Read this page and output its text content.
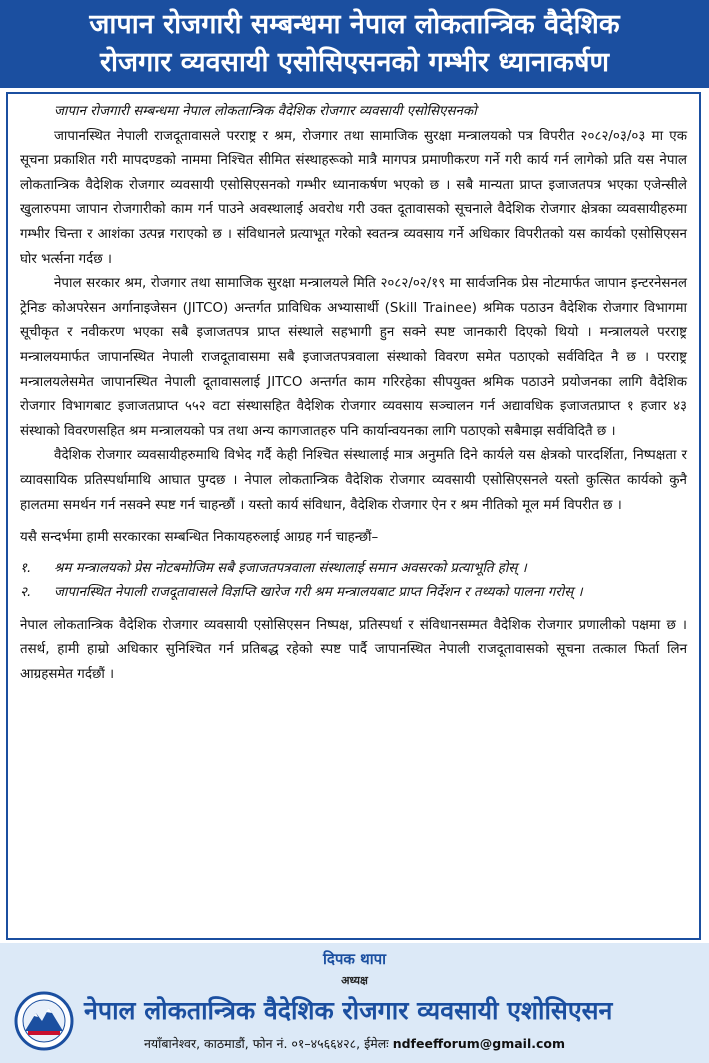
जापान रोजगारी सम्बन्धमा नेपाल लोकतान्त्रिक वैदेशिक
रोजगार व्यवसायी एसोसिएसनको गम्भीर ध्यानाकर्षण

जापान रोजगारी सम्बन्धमा नेपाल लोकतान्त्रिक वैदेशिक रोजगार व्यवसायी एसोसिएसनको

जापानस्थित नेपाली राजदूतावासले परराष्ट्र र श्रम, रोजगार तथा सामाजिक सुरक्षा मन्त्रालयको पत्र विपरीत २०८२/०३/०३ मा एक सूचना प्रकाशित गरी मापदण्डको नाममा निश्चित सीमित संस्थाहरूको मात्रै मागपत्र प्रमाणीकरण गर्ने गरी कार्य गर्न लागेको प्रति यस नेपाल लोकतान्त्रिक वैदेशिक रोजगार व्यवसायी एसोसिएसनको गम्भीर ध्यानाकर्षण भएको छ । सबै मान्यता प्राप्त इजाजतपत्र भएका एजेन्सीले खुलारुपमा जापान रोजगारीको काम गर्न पाउने अवस्थालाई अवरोध गरी उक्त दूतावासको सूचनाले वैदेशिक रोजगार क्षेत्रका व्यवसायीहरुमा गम्भीर चिन्ता र आशंका उत्पन्न गराएको छ । संविधानले प्रत्याभूत गरेको स्वतन्त्र व्यवसाय गर्ने अधिकार विपरीतको यस कार्यको एसोसिएसन घोर भर्त्सना गर्दछ ।

नेपाल सरकार श्रम, रोजगार तथा सामाजिक सुरक्षा मन्त्रालयले मिति २०८२/०२/१९ मा सार्वजनिक प्रेस नोटमार्फत जापान इन्टरनेसनल ट्रेनिङ कोअपरेसन अर्गानाइजेसन (JITCO) अन्तर्गत प्राविधिक अभ्यासार्थी (Skill Trainee) श्रमिक पठाउन वैदेशिक रोजगार विभागमा सूचीकृत र नवीकरण भएका सबै इजाजतपत्र प्राप्त संस्थाले सहभागी हुन सक्ने स्पष्ट जानकारी दिएको थियो । मन्त्रालयले परराष्ट्र मन्त्रालयमार्फत जापानस्थित नेपाली राजदूतावासमा सबै इजाजतपत्रवाला संस्थाको विवरण समेत पठाएको सर्वविदित नै छ । परराष्ट्र मन्त्रालयलेसमेत जापानस्थित नेपाली दूतावासलाई JITCO अन्तर्गत काम गरिरहेका सीपयुक्त श्रमिक पठाउने प्रयोजनका लागि वैदेशिक रोजगार विभागबाट इजाजतप्राप्त ५५२ वटा संस्थासहित वैदेशिक रोजगार व्यवसाय सञ्चालन गर्न अद्यावधिक इजाजतप्राप्त १ हजार ४३ संस्थाको विवरणसहित श्रम मन्त्रालयको पत्र तथा अन्य कागजातहरु पनि कार्यान्वयनका लागि पठाएको सबैमाझ सर्वविदितै छ ।

वैदेशिक रोजगार व्यवसायीहरुमाथि विभेद गर्दै केही निश्चित संस्थालाई मात्र अनुमति दिने कार्यले यस क्षेत्रको पारदर्शिता, निष्पक्षता र व्यावसायिक प्रतिस्पर्धामाथि आघात पुग्दछ । नेपाल लोकतान्त्रिक वैदेशिक रोजगार व्यवसायी एसोसिएसनले यस्तो कुत्सित कार्यको कुनै हालतमा समर्थन गर्न नसक्ने स्पष्ट गर्न चाहन्छौं । यस्तो कार्य संविधान, वैदेशिक रोजगार ऐन र श्रम नीतिको मूल मर्म विपरीत छ ।

यसै सन्दर्भमा हामी सरकारका सम्बन्धित निकायहरुलाई आग्रह गर्न चाहन्छौं–

१.	श्रम मन्त्रालयको प्रेस नोटबमोजिम सबै इजाजतपत्रवाला संस्थालाई समान अवसरको प्रत्याभूति होस् ।
२.	जापानस्थित नेपाली राजदूतावासले विज्ञप्ति खारेज गरी श्रम मन्त्रालयबाट प्राप्त निर्देशन र तथ्यको पालना गरोस् ।

नेपाल लोकतान्त्रिक वैदेशिक रोजगार व्यवसायी एसोसिएसन निष्पक्ष, प्रतिस्पर्धा र संविधानसम्मत वैदेशिक रोजगार प्रणालीको पक्षमा छ । तसर्थ, हामी हाम्रो अधिकार सुनिश्चित गर्न प्रतिबद्ध रहेको स्पष्ट पार्दै जापानस्थित नेपाली राजदूतावासको सूचना तत्काल फिर्ता लिन आग्रहसमेत गर्दछौं ।

दिपक थापा
अध्यक्ष
नेपाल लोकतान्त्रिक वैदेशिक रोजगार व्यवसायी एशोसिएसन
नयाँबानेश्वर, काठमाडौं, फोन नं. ०१–४५६६४२८, ईमेलः ndfeefforum@gmail.com
